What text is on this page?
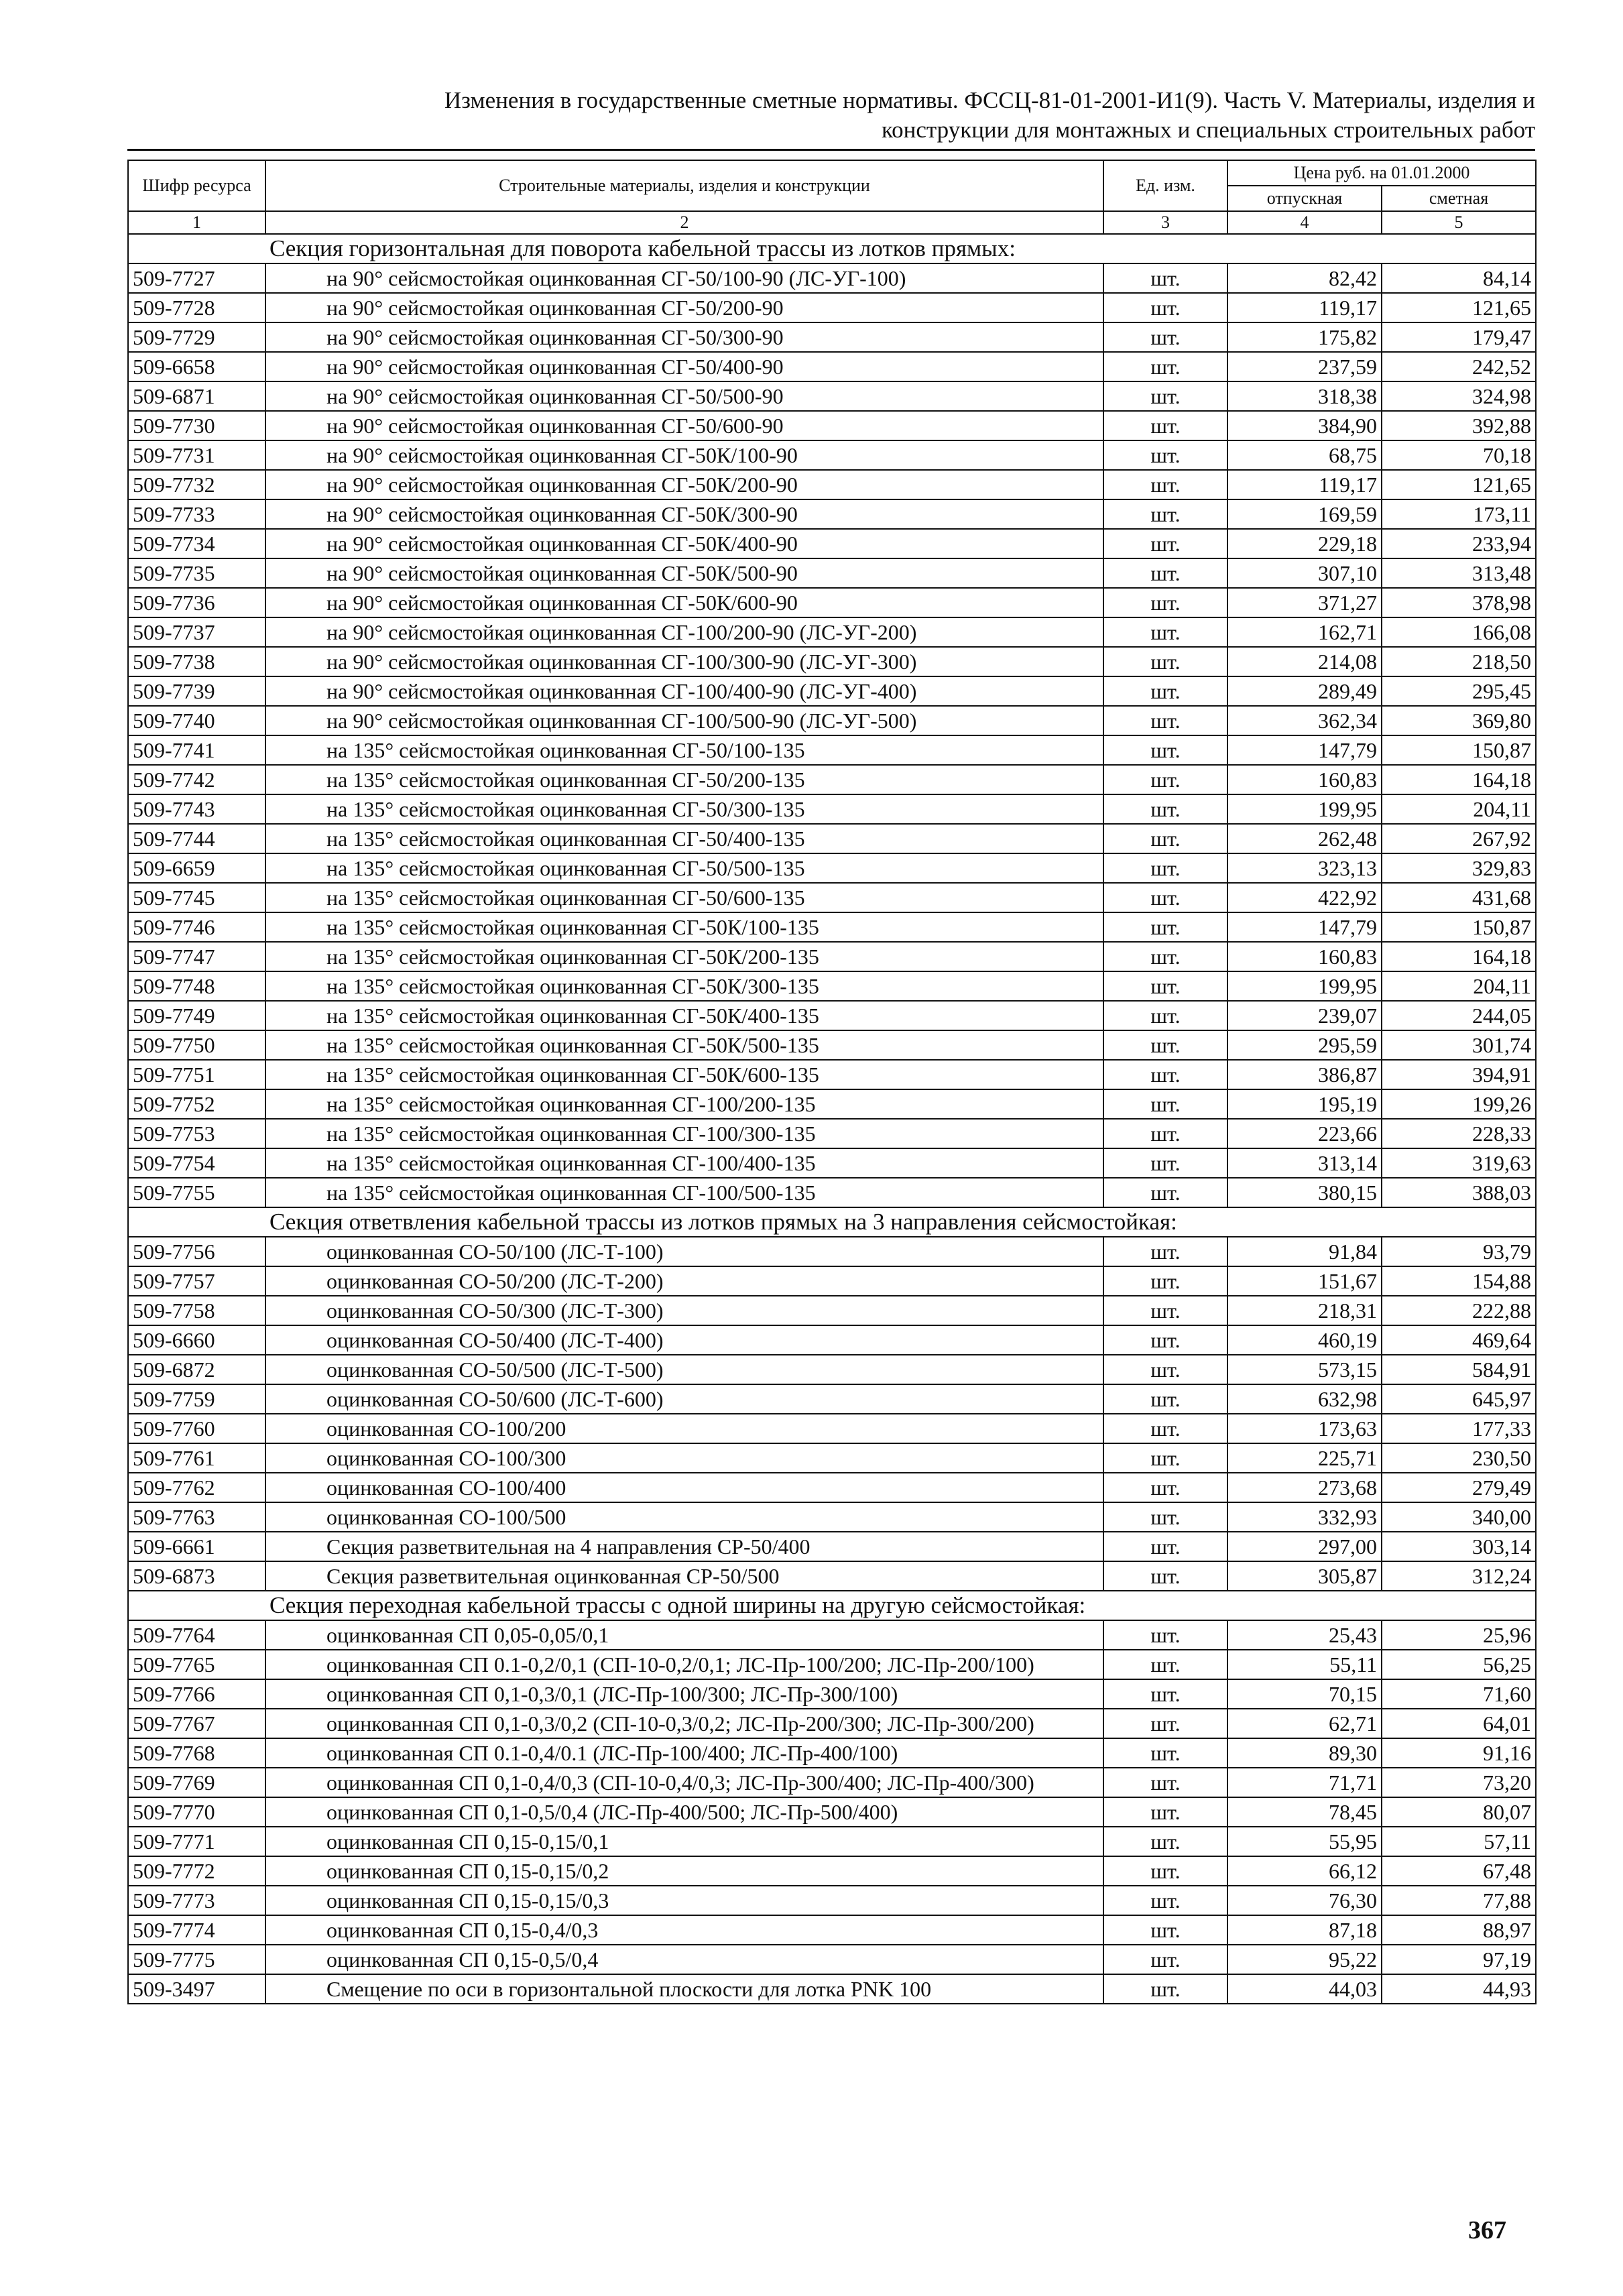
Изменения в государственные сметные нормативы. ФССЦ-81-01-2001-И1(9). Часть V. Материалы, изделия и
конструкции для монтажных и специальных строительных работ
Шифр ресурса	Строительные материалы, изделия и конструкции	Ед. изм.	Цена руб. на 01.01.2000	
			отпускная	сметная
1	2	3	4	5
Секция горизонтальная для поворота кабельной трассы из лотков прямых:				
509-7727	на 90° сейсмостойкая оцинкованная СГ-50/100-90 (ЛС-УГ-100)	шт.	82,42	84,14
509-7728	на 90° сейсмостойкая оцинкованная СГ-50/200-90	шт.	119,17	121,65
509-7729	на 90° сейсмостойкая оцинкованная СГ-50/300-90	шт.	175,82	179,47
509-6658	на 90° сейсмостойкая оцинкованная СГ-50/400-90	шт.	237,59	242,52
509-6871	на 90° сейсмостойкая оцинкованная СГ-50/500-90	шт.	318,38	324,98
509-7730	на 90° сейсмостойкая оцинкованная СГ-50/600-90	шт.	384,90	392,88
509-7731	на 90° сейсмостойкая оцинкованная СГ-50К/100-90	шт.	68,75	70,18
509-7732	на 90° сейсмостойкая оцинкованная СГ-50К/200-90	шт.	119,17	121,65
509-7733	на 90° сейсмостойкая оцинкованная СГ-50К/300-90	шт.	169,59	173,11
509-7734	на 90° сейсмостойкая оцинкованная СГ-50К/400-90	шт.	229,18	233,94
509-7735	на 90° сейсмостойкая оцинкованная СГ-50К/500-90	шт.	307,10	313,48
509-7736	на 90° сейсмостойкая оцинкованная СГ-50К/600-90	шт.	371,27	378,98
509-7737	на 90° сейсмостойкая оцинкованная СГ-100/200-90 (ЛС-УГ-200)	шт.	162,71	166,08
509-7738	на 90° сейсмостойкая оцинкованная СГ-100/300-90 (ЛС-УГ-300)	шт.	214,08	218,50
509-7739	на 90° сейсмостойкая оцинкованная СГ-100/400-90 (ЛС-УГ-400)	шт.	289,49	295,45
509-7740	на 90° сейсмостойкая оцинкованная СГ-100/500-90 (ЛС-УГ-500)	шт.	362,34	369,80
509-7741	на 135° сейсмостойкая оцинкованная СГ-50/100-135	шт.	147,79	150,87
509-7742	на 135° сейсмостойкая оцинкованная СГ-50/200-135	шт.	160,83	164,18
509-7743	на 135° сейсмостойкая оцинкованная СГ-50/300-135	шт.	199,95	204,11
509-7744	на 135° сейсмостойкая оцинкованная СГ-50/400-135	шт.	262,48	267,92
509-6659	на 135° сейсмостойкая оцинкованная СГ-50/500-135	шт.	323,13	329,83
509-7745	на 135° сейсмостойкая оцинкованная СГ-50/600-135	шт.	422,92	431,68
509-7746	на 135° сейсмостойкая оцинкованная СГ-50К/100-135	шт.	147,79	150,87
509-7747	на 135° сейсмостойкая оцинкованная СГ-50К/200-135	шт.	160,83	164,18
509-7748	на 135° сейсмостойкая оцинкованная СГ-50К/300-135	шт.	199,95	204,11
509-7749	на 135° сейсмостойкая оцинкованная СГ-50К/400-135	шт.	239,07	244,05
509-7750	на 135° сейсмостойкая оцинкованная СГ-50К/500-135	шт.	295,59	301,74
509-7751	на 135° сейсмостойкая оцинкованная СГ-50К/600-135	шт.	386,87	394,91
509-7752	на 135° сейсмостойкая оцинкованная СГ-100/200-135	шт.	195,19	199,26
509-7753	на 135° сейсмостойкая оцинкованная СГ-100/300-135	шт.	223,66	228,33
509-7754	на 135° сейсмостойкая оцинкованная СГ-100/400-135	шт.	313,14	319,63
509-7755	на 135° сейсмостойкая оцинкованная СГ-100/500-135	шт.	380,15	388,03
Секция ответвления кабельной трассы из лотков прямых на 3 направления сейсмостойкая:				
509-7756	оцинкованная СО-50/100 (ЛС-Т-100)	шт.	91,84	93,79
509-7757	оцинкованная СО-50/200 (ЛС-Т-200)	шт.	151,67	154,88
509-7758	оцинкованная СО-50/300 (ЛС-Т-300)	шт.	218,31	222,88
509-6660	оцинкованная СО-50/400 (ЛС-Т-400)	шт.	460,19	469,64
509-6872	оцинкованная СО-50/500 (ЛС-Т-500)	шт.	573,15	584,91
509-7759	оцинкованная СО-50/600 (ЛС-Т-600)	шт.	632,98	645,97
509-7760	оцинкованная СО-100/200	шт.	173,63	177,33
509-7761	оцинкованная СО-100/300	шт.	225,71	230,50
509-7762	оцинкованная СО-100/400	шт.	273,68	279,49
509-7763	оцинкованная СО-100/500	шт.	332,93	340,00
509-6661	Секция разветвительная на 4 направления СР-50/400	шт.	297,00	303,14
509-6873	Секция разветвительная оцинкованная СР-50/500	шт.	305,87	312,24
Секция переходная кабельной трассы с одной ширины на другую сейсмостойкая:				
509-7764	оцинкованная СП 0,05-0,05/0,1	шт.	25,43	25,96
509-7765	оцинкованная СП 0.1-0,2/0,1 (СП-10-0,2/0,1; ЛС-Пр-100/200; ЛС-Пр-200/100)	шт.	55,11	56,25
509-7766	оцинкованная СП 0,1-0,3/0,1 (ЛС-Пр-100/300; ЛС-Пр-300/100)	шт.	70,15	71,60
509-7767	оцинкованная СП 0,1-0,3/0,2 (СП-10-0,3/0,2; ЛС-Пр-200/300; ЛС-Пр-300/200)	шт.	62,71	64,01
509-7768	оцинкованная СП 0.1-0,4/0.1 (ЛС-Пр-100/400; ЛС-Пр-400/100)	шт.	89,30	91,16
509-7769	оцинкованная СП 0,1-0,4/0,3 (СП-10-0,4/0,3; ЛС-Пр-300/400; ЛС-Пр-400/300)	шт.	71,71	73,20
509-7770	оцинкованная СП 0,1-0,5/0,4 (ЛС-Пр-400/500; ЛС-Пр-500/400)	шт.	78,45	80,07
509-7771	оцинкованная СП 0,15-0,15/0,1	шт.	55,95	57,11
509-7772	оцинкованная СП 0,15-0,15/0,2	шт.	66,12	67,48
509-7773	оцинкованная СП 0,15-0,15/0,3	шт.	76,30	77,88
509-7774	оцинкованная СП 0,15-0,4/0,3	шт.	87,18	88,97
509-7775	оцинкованная СП 0,15-0,5/0,4	шт.	95,22	97,19
509-3497	Смещение по оси в горизонтальной плоскости для лотка PNK 100	шт.	44,03	44,93
367
